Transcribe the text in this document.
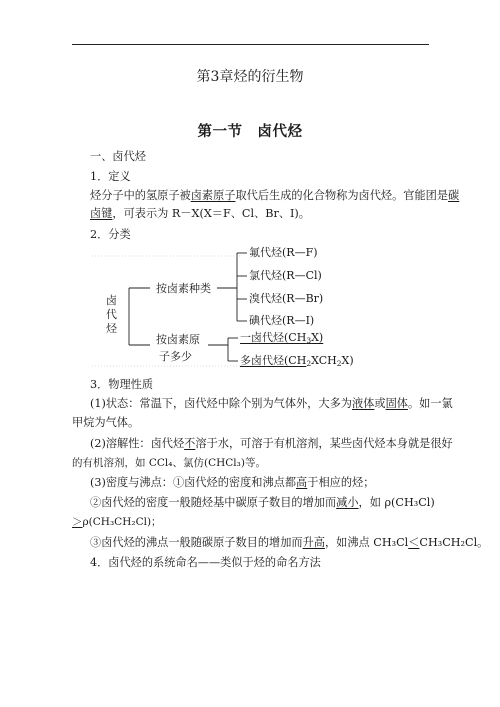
第3章烃的衍生物
第一节　卤代烃
一、卤代烃
1．定义
烃分子中的氢原子被卤素原子取代后生成的化合物称为卤代烃。官能团是碳
卤键，可表示为 R－X(X＝F、Cl、Br、I)。
2．分类
卤代烃
按卤素种类
按卤素原
子多少
氟代烃(R—F)
氯代烃(R—Cl)
溴代烃(R—Br)
碘代烃(R—I)
一卤代烃$(CH_3X)$
多卤代烃$(CH_2XCH_2X)$
3．物理性质
(1)状态：常温下，卤代烃中除个别为气体外，大多为液体或固体。如一氯
甲烷为气体。
(2)溶解性：卤代烃不溶于水，可溶于有机溶剂，某些卤代烃本身就是很好
的有机溶剂，如 CCl₄、氯仿(CHCl₃)等。
(3)密度与沸点：①卤代烃的密度和沸点都高于相应的烃；
②卤代烃的密度一般随烃基中碳原子数目的增加而减小，如 ρ(CH₃Cl)
＞ρ(CH₃CH₂Cl)；
③卤代烃的沸点一般随碳原子数目的增加而升高，如沸点 CH₃Cl＜CH₃CH₂Cl。
4．卤代烃的系统命名——类似于烃的命名方法
